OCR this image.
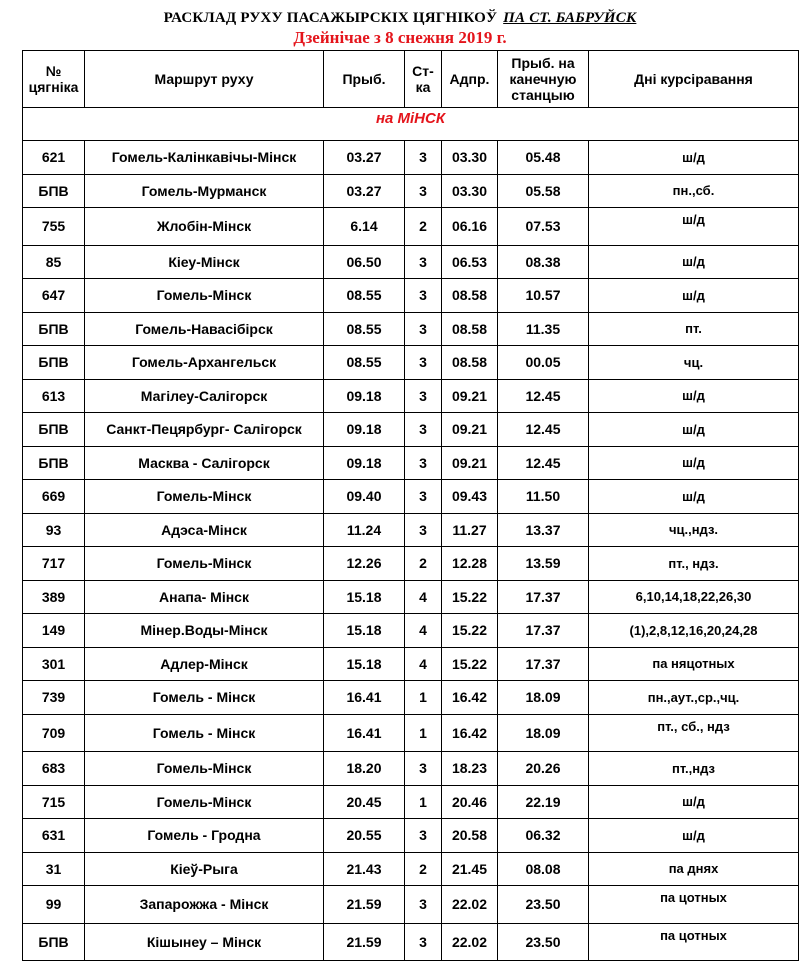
РАСКЛАД РУХУ ПАСАЖЫРСКІХ ЦЯГНІКОЎ ПА СТ. БАБРУЙСК
Дзейнічае з 8 снежня 2019 г.
№
цягніка	Маршрут руху	Прыб.	Ст-
ка	Адпр.	Прыб. на
канечную
станцыю	Дні курсіравання
на МіНСК						

621	Гомель-Калінкавічы-Мінск	03.27	3	03.30	05.48	ш/д
БПВ	Гомель-Мурманск	03.27	3	03.30	05.58	пн.,сб.
755	Жлобін-Мінск	6.14	2	06.16	07.53	ш/д
85	Кіеу-Мінск	06.50	3	06.53	08.38	ш/д
647	Гомель-Мінск	08.55	3	08.58	10.57	ш/д
БПВ	Гомель-Навасібірск	08.55	3	08.58	11.35	пт.
БПВ	Гомель-Архангельск	08.55	3	08.58	00.05	чц.
613	Магілеу-Салігорск	09.18	3	09.21	12.45	ш/д
БПВ	Санкт-Пецярбург- Салігорск	09.18	3	09.21	12.45	ш/д
БПВ	Масква - Салігорск	09.18	3	09.21	12.45	ш/д
669	Гомель-Мінск	09.40	3	09.43	11.50	ш/д
93	Адэса-Мінск	11.24	3	11.27	13.37	чц.,ндз.
717	Гомель-Мінск	12.26	2	12.28	13.59	пт., ндз.
389	Анапа- Мінск	15.18	4	15.22	17.37	6,10,14,18,22,26,30
149	Мінер.Воды-Мінск	15.18	4	15.22	17.37	(1),2,8,12,16,20,24,28
301	Адлер-Мінск	15.18	4	15.22	17.37	па няцотных
739	Гомель - Мінск	16.41	1	16.42	18.09	пн.,аут.,ср.,чц.
709	Гомель - Мінск	16.41	1	16.42	18.09	пт., сб., ндз
683	Гомель-Мінск	18.20	3	18.23	20.26	пт.,ндз
715	Гомель-Мінск	20.45	1	20.46	22.19	ш/д
631	Гомель - Гродна	20.55	3	20.58	06.32	ш/д
31	Кіеў-Рыга	21.43	2	21.45	08.08	па днях
99	Запарожжа - Мінск	21.59	3	22.02	23.50	па цотных
БПВ	Кішынеу – Мінск	21.59	3	22.02	23.50	па цотных
